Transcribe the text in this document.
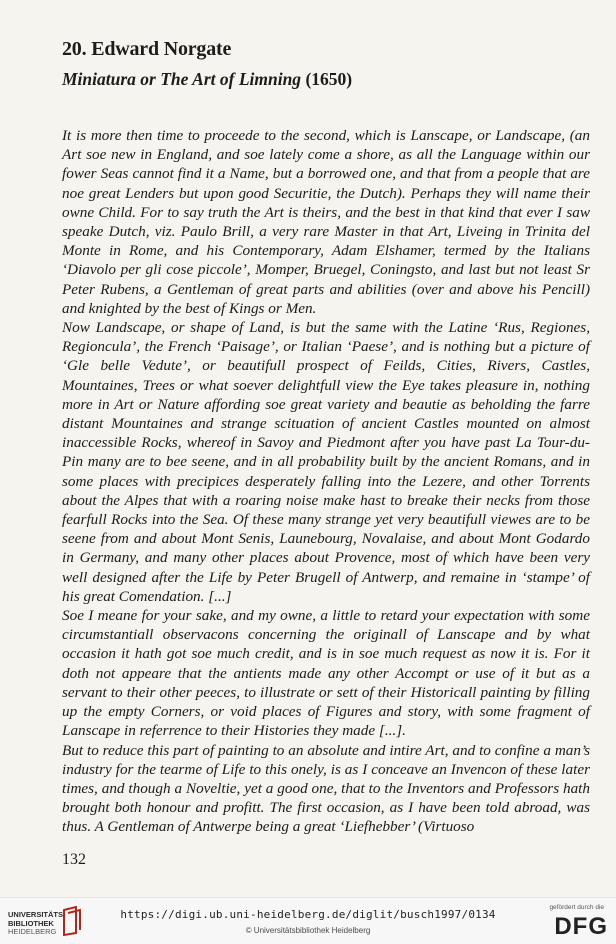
20. Edward Norgate
Miniatura or The Art of Limning (1650)

It is more then time to proceede to the second, which is Lanscape, or Landscape, (an Art soe new in England, and soe lately come a shore, as all the Language within our fower Seas cannot find it a Name, but a borrowed one, and that from a people that are noe great Lenders but upon good Securitie, the Dutch). Perhaps they will name their owne Child. For to say truth the Art is theirs, and the best in that kind that ever I saw speake Dutch, viz. Paulo Brill, a very rare Master in that Art, Liveing in Trinita del Monte in Rome, and his Contemporary, Adam Elshamer, termed by the Italians ‘Diavolo per gli cose piccole’, Momper, Bruegel, Coningsto, and last but not least Sr Peter Rubens, a Gentleman of great parts and abilities (over and above his Pencill) and knighted by the best of Kings or Men.

Now Landscape, or shape of Land, is but the same with the Latine ‘Rus, Regiones, Regioncula’, the French ‘Paisage’, or Italian ‘Paese’, and is nothing but a picture of ‘Gle belle Vedute’, or beautifull prospect of Feilds, Cities, Rivers, Castles, Mountaines, Trees or what soever delightfull view the Eye takes pleasure in, nothing more in Art or Nature affording soe great variety and beautie as beholding the farre distant Mountaines and strange scituation of ancient Castles mounted on almost inaccessible Rocks, whereof in Savoy and Piedmont after you have past La Tour-du-Pin many are to bee seene, and in all probability built by the ancient Romans, and in some places with precipices desperately falling into the Lezere, and other Torrents about the Alpes that with a roaring noise make hast to breake their necks from those fearfull Rocks into the Sea. Of these many strange yet very beautifull viewes are to be seene from and about Mont Senis, Launebourg, Novalaise, and about Mont Godardo in Germany, and many other places about Provence, most of which have been very well designed after the Life by Peter Brugell of Antwerp, and remaine in ‘stampe’ of his great Comendation. [...]

Soe I meane for your sake, and my owne, a little to retard your expectation with some circumstantiall observacons concerning the originall of Lanscape and by what occasion it hath got soe much credit, and is in soe much request as now it is. For it doth not appeare that the antients made any other Accompt or use of it but as a servant to their other peeces, to illustrate or sett of their Historicall painting by filling up the empty Corners, or void places of Figures and story, with some fragment of Lanscape in referrence to their Histories they made [...].

But to reduce this part of painting to an absolute and intire Art, and to confine a man’s industry for the tearme of Life to this onely, is as I conceave an Invencon of these later times, and though a Noveltie, yet a good one, that to the Inventors and Professors hath brought both honour and profitt. The first occasion, as I have been told abroad, was thus. A Gentleman of Antwerpe being a great ‘Liefhebber’ (Virtuoso

132
UNIVERSITÄTS-
BIBLIOTHEK
HEIDELBERG
https://digi.ub.uni-heidelberg.de/diglit/busch1997/0134
© Universitätsbibliothek Heidelberg
gefördert durch die
DFG
